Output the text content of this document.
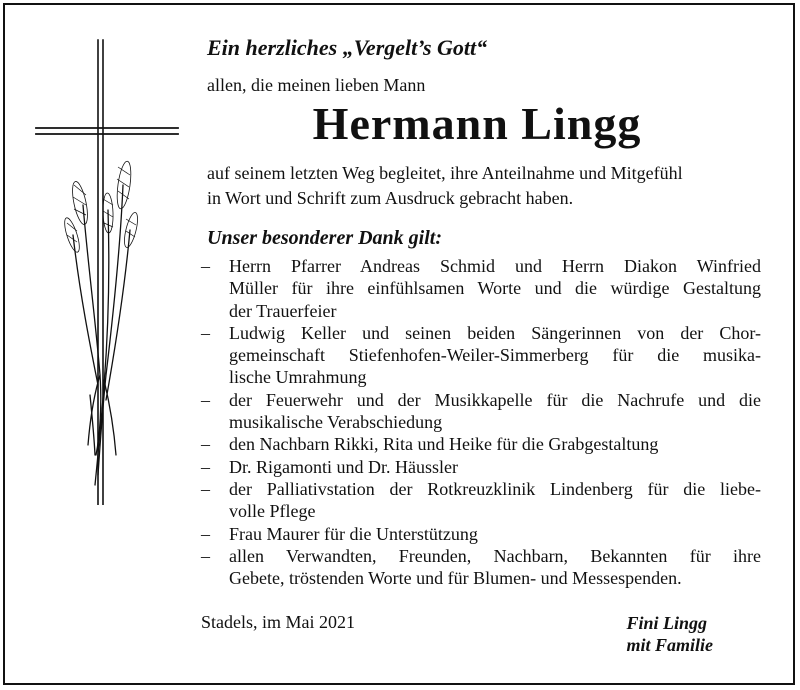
Ein herzliches „Vergelt’s Gott“

allen, die meinen lieben Mann

Hermann Lingg

auf seinem letzten Weg begleitet, ihre Anteilnahme und Mitgefühl
in Wort und Schrift zum Ausdruck gebracht haben.

Unser besonderer Dank gilt:

– Herrn Pfarrer Andreas Schmid und Herrn Diakon Winfried
Müller für ihre einfühlsamen Worte und die würdige Gestaltung
der Trauerfeier
– Ludwig Keller und seinen beiden Sängerinnen von der Chor-
gemeinschaft Stiefenhofen-Weiler-Simmerberg für die musika-
lische Umrahmung
– der Feuerwehr und der Musikkapelle für die Nachrufe und die
musikalische Verabschiedung
– den Nachbarn Rikki, Rita und Heike für die Grabgestaltung
– Dr. Rigamonti und Dr. Häussler
– der Palliativstation der Rotkreuzklinik Lindenberg für die liebe-
volle Pflege
– Frau Maurer für die Unterstützung
– allen Verwandten, Freunden, Nachbarn, Bekannten für ihre
Gebete, tröstenden Worte und für Blumen- und Messespenden.

Stadels, im Mai 2021	Fini Lingg
mit Familie
